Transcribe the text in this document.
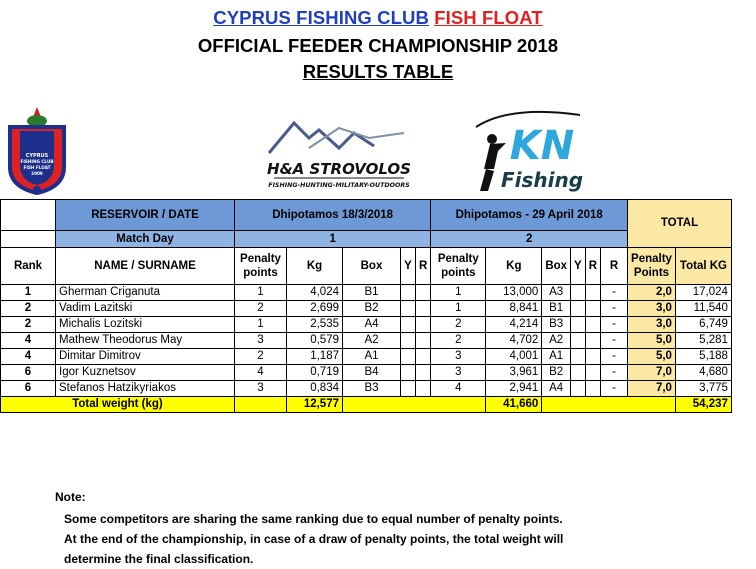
CYPRUS FISHING CLUB FISH FLOAT
OFFICIAL FEEDER CHAMPIONSHIP 2018
RESULTS TABLE
CYPRUS
FISHING CLUB
FISH FLOAT
2009	H&A STROVOLOS
FISHING-HUNTING-MILITARY-OUTDOORS
KN
Fishing
	RESERVOIR / DATE	Dhipotamos 18/3/2018					Dhipotamos - 29 April 2018						TOTAL	
	Match Day	1					2							
Rank	NAME / SURNAME	Penalty points	Kg	Box	Y	R	Penalty points	Kg	Box	Y	R	R	Penalty Points	Total KG
1	Gherman Criganuta	1	4,024	B1			1	13,000	A3			-	2,0	17,024
2	Vadim Lazitski	2	2,699	B2			1	8,841	B1			-	3,0	11,540
2	Michalis Lozitski	1	2,535	A4			2	4,214	B3			-	3,0	6,749
4	Mathew Theodorus May	3	0,579	A2			2	4,702	A2			-	5,0	5,281
4	Dimitar Dimitrov	2	1,187	A1			3	4,001	A1			-	5,0	5,188
6	Igor Kuznetsov	4	0,719	B4			3	3,961	B2			-	7,0	4,680
6	Stefanos Hatzikyriakos	3	0,834	B3			4	2,941	A4			-	7,0	3,775
Total weight (kg)			12,577					41,660						54,237
Note:

Some competitors are sharing the same ranking due to equal number of penalty points.

At the end of the championship, in case of a draw of penalty points, the total weight will

determine the final classification.
